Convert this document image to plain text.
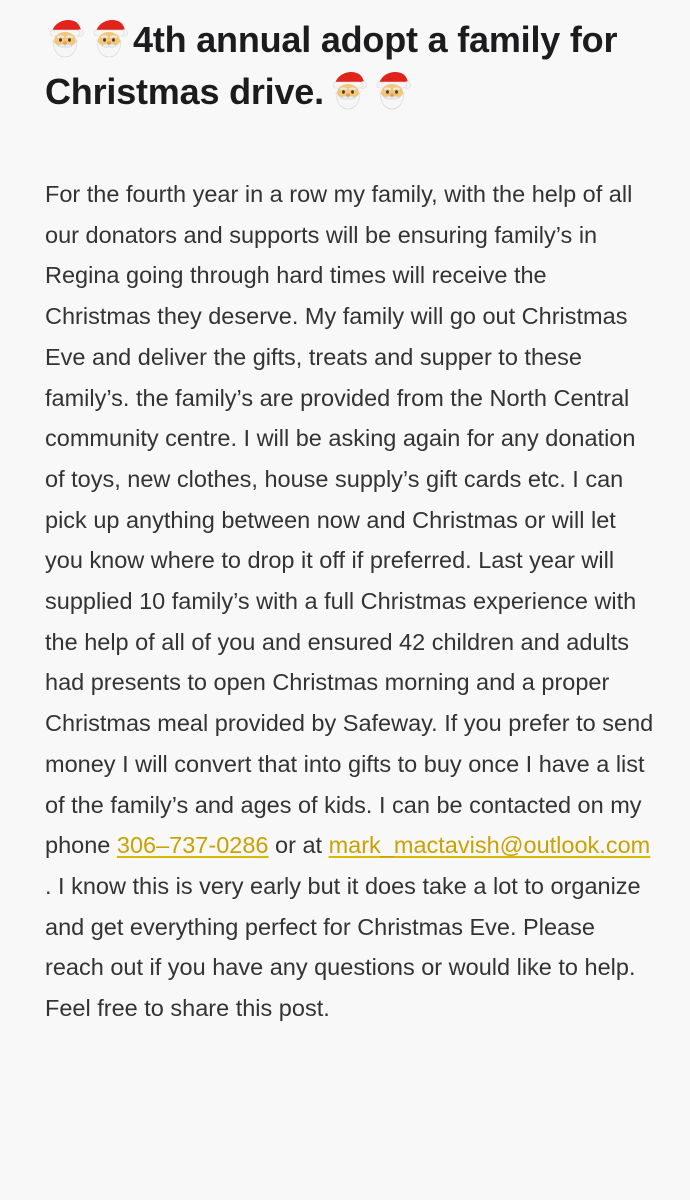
4th annual adopt a family for Christmas drive.

For the fourth year in a row my family, with the help of all our donators and supports will be ensuring family’s in Regina going through hard times will receive the Christmas they deserve. My family will go out Christmas Eve and deliver the gifts, treats and supper to these family’s. the family’s are provided from the North Central community centre. I will be asking again for any donation of toys, new clothes, house supply’s gift cards etc. I can pick up anything between now and Christmas or will let you know where to drop it off if preferred. Last year will supplied 10 family’s with a full Christmas experience with the help of all of you and ensured 42 children and adults had presents to open Christmas morning and a proper Christmas meal provided by Safeway. If you prefer to send money I will convert that into gifts to buy once I have a list of the family’s and ages of kids. I can be contacted on my phone 306–737-0286 or at mark_mactavish@outlook.com . I know this is very early but it does take a lot to organize and get everything perfect for Christmas Eve. Please reach out if you have any questions or would like to help. Feel free to share this post.
